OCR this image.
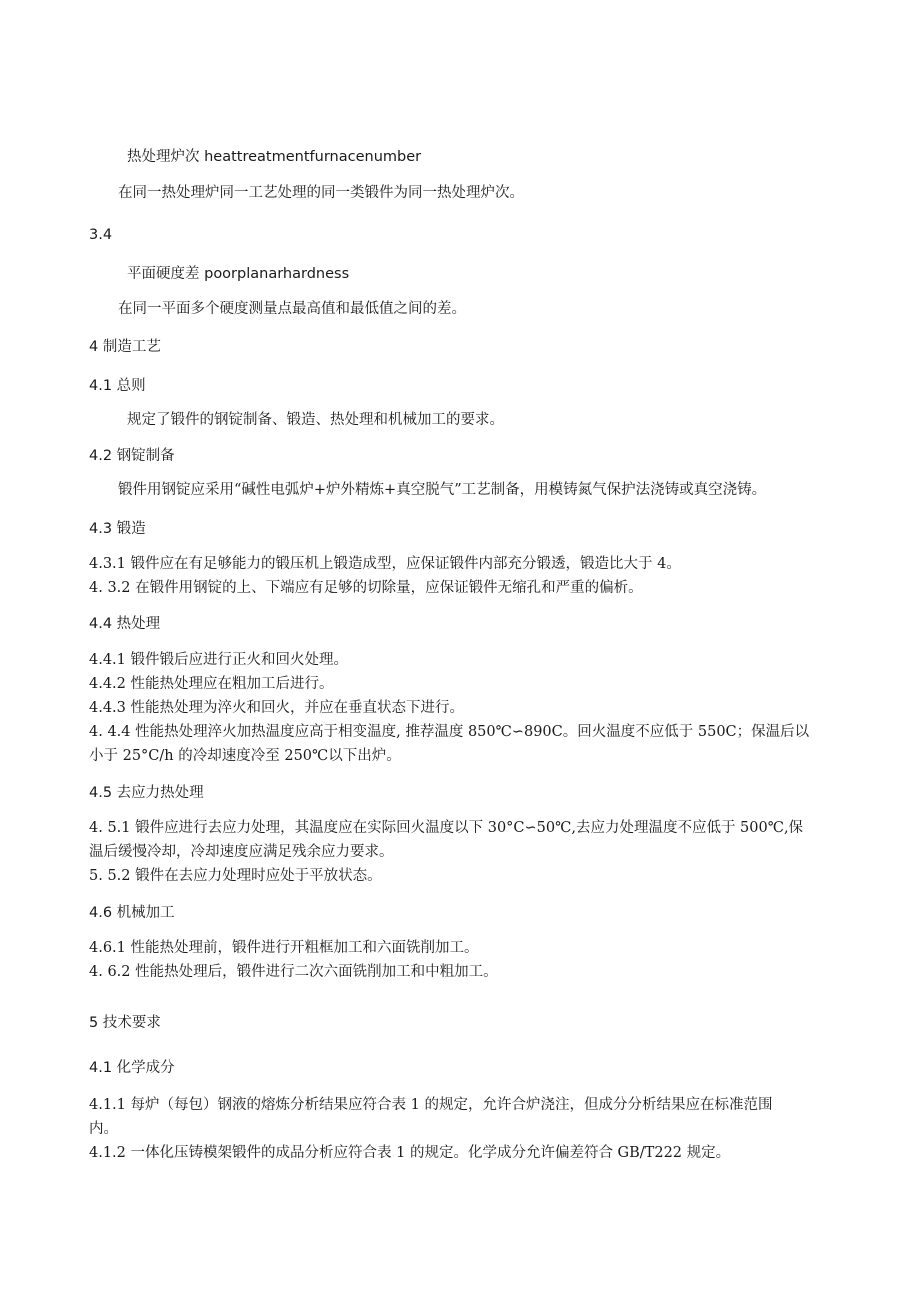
热处理炉次 heattreatmentfurnacenumber
在同一热处理炉同一工艺处理的同一类锻件为同一热处理炉次。
3.4
平面硬度差 poorplanarhardness
在同一平面多个硬度测量点最高值和最低值之间的差。
4 制造工艺
4.1 总则
规定了锻件的钢锭制备、锻造、热处理和机械加工的要求。
4.2 钢锭制备
锻件用钢锭应采用“碱性电弧炉+炉外精炼+真空脱气”工艺制备，用模铸氮气保护法浇铸或真空浇铸。
4.3 锻造
4.3.1 锻件应在有足够能力的锻压机上锻造成型，应保证锻件内部充分锻透，锻造比大于 4。
4. 3.2 在锻件用钢锭的上、下端应有足够的切除量，应保证锻件无缩孔和严重的偏析。
4.4 热处理
4.4.1 锻件锻后应进行正火和回火处理。
4.4.2 性能热处理应在粗加工后进行。
4.4.3 性能热处理为淬火和回火，并应在垂直状态下进行。
4. 4.4 性能热处理淬火加热温度应高于相变温度, 推荐温度 850℃∽890C。回火温度不应低于 550C；保温后以
小于 25°C/h 的冷却速度冷至 250℃以下出炉。
4.5 去应力热处理
4. 5.1 锻件应进行去应力处理，其温度应在实际回火温度以下 30°C∽50℃,去应力处理温度不应低于 500℃,保
温后缓慢冷却，冷却速度应满足残余应力要求。
5. 5.2 锻件在去应力处理时应处于平放状态。
4.6 机械加工
4.6.1 性能热处理前，锻件进行开粗框加工和六面铣削加工。
4. 6.2 性能热处理后，锻件进行二次六面铣削加工和中粗加工。
5 技术要求
4.1 化学成分
4.1.1 每炉（每包）钢液的熔炼分析结果应符合表 1 的规定，允许合炉浇注，但成分分析结果应在标准范围
内。
4.1.2 一体化压铸模架锻件的成品分析应符合表 1 的规定。化学成分允许偏差符合 GB/T222 规定。
